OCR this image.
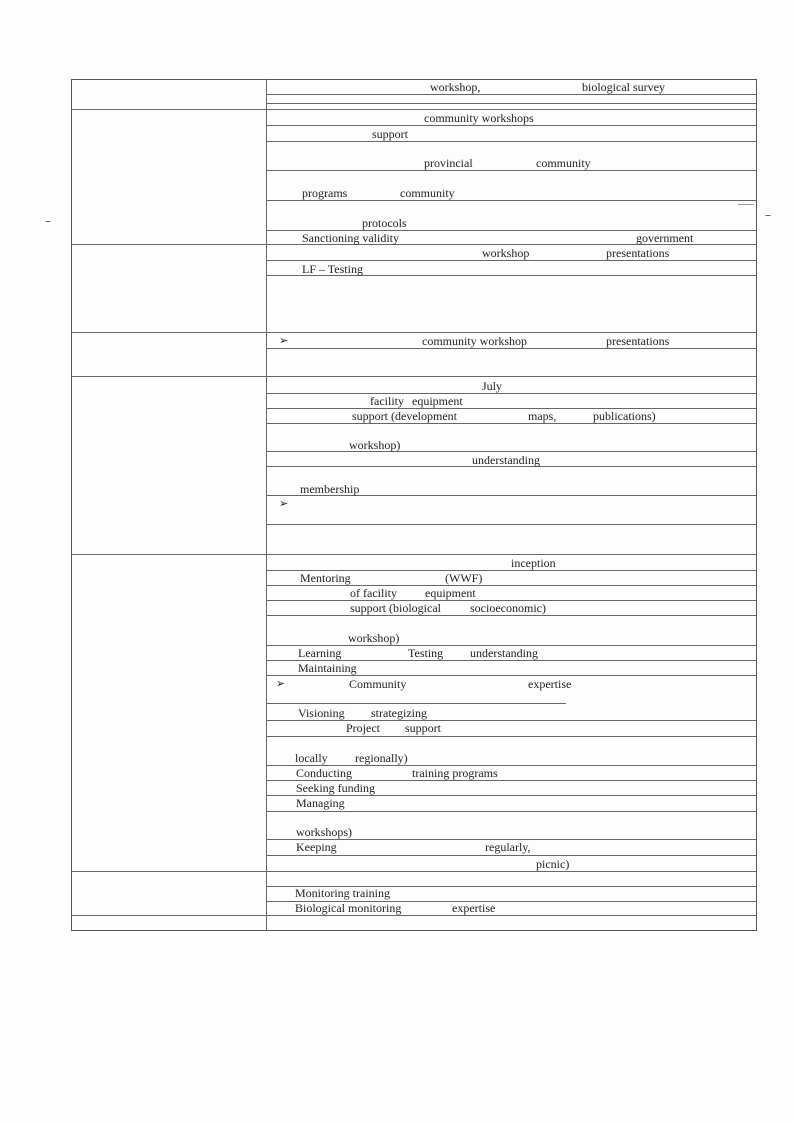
–	–
workshop,	biological survey
community workshops
support
provincial	community
programs	community
protocols
Sanctioning validity	government
workshop	presentations
LF – Testing
➢	community workshop	presentations
July
facility equipment
support (development	maps,	publications)
workshop)
understanding
membership
➢
inception
Mentoring	(WWF)
of facility equipment
support (biological socioeconomic)
workshop)
Learning	Testing understanding
Maintaining
➢	Community	expertise
Visioning strategizing
Project support
locally regionally)
Conducting	training programs
Seeking funding
Managing
workshops)
Keeping	regularly,
picnic)
Monitoring training
Biological monitoring	expertise
